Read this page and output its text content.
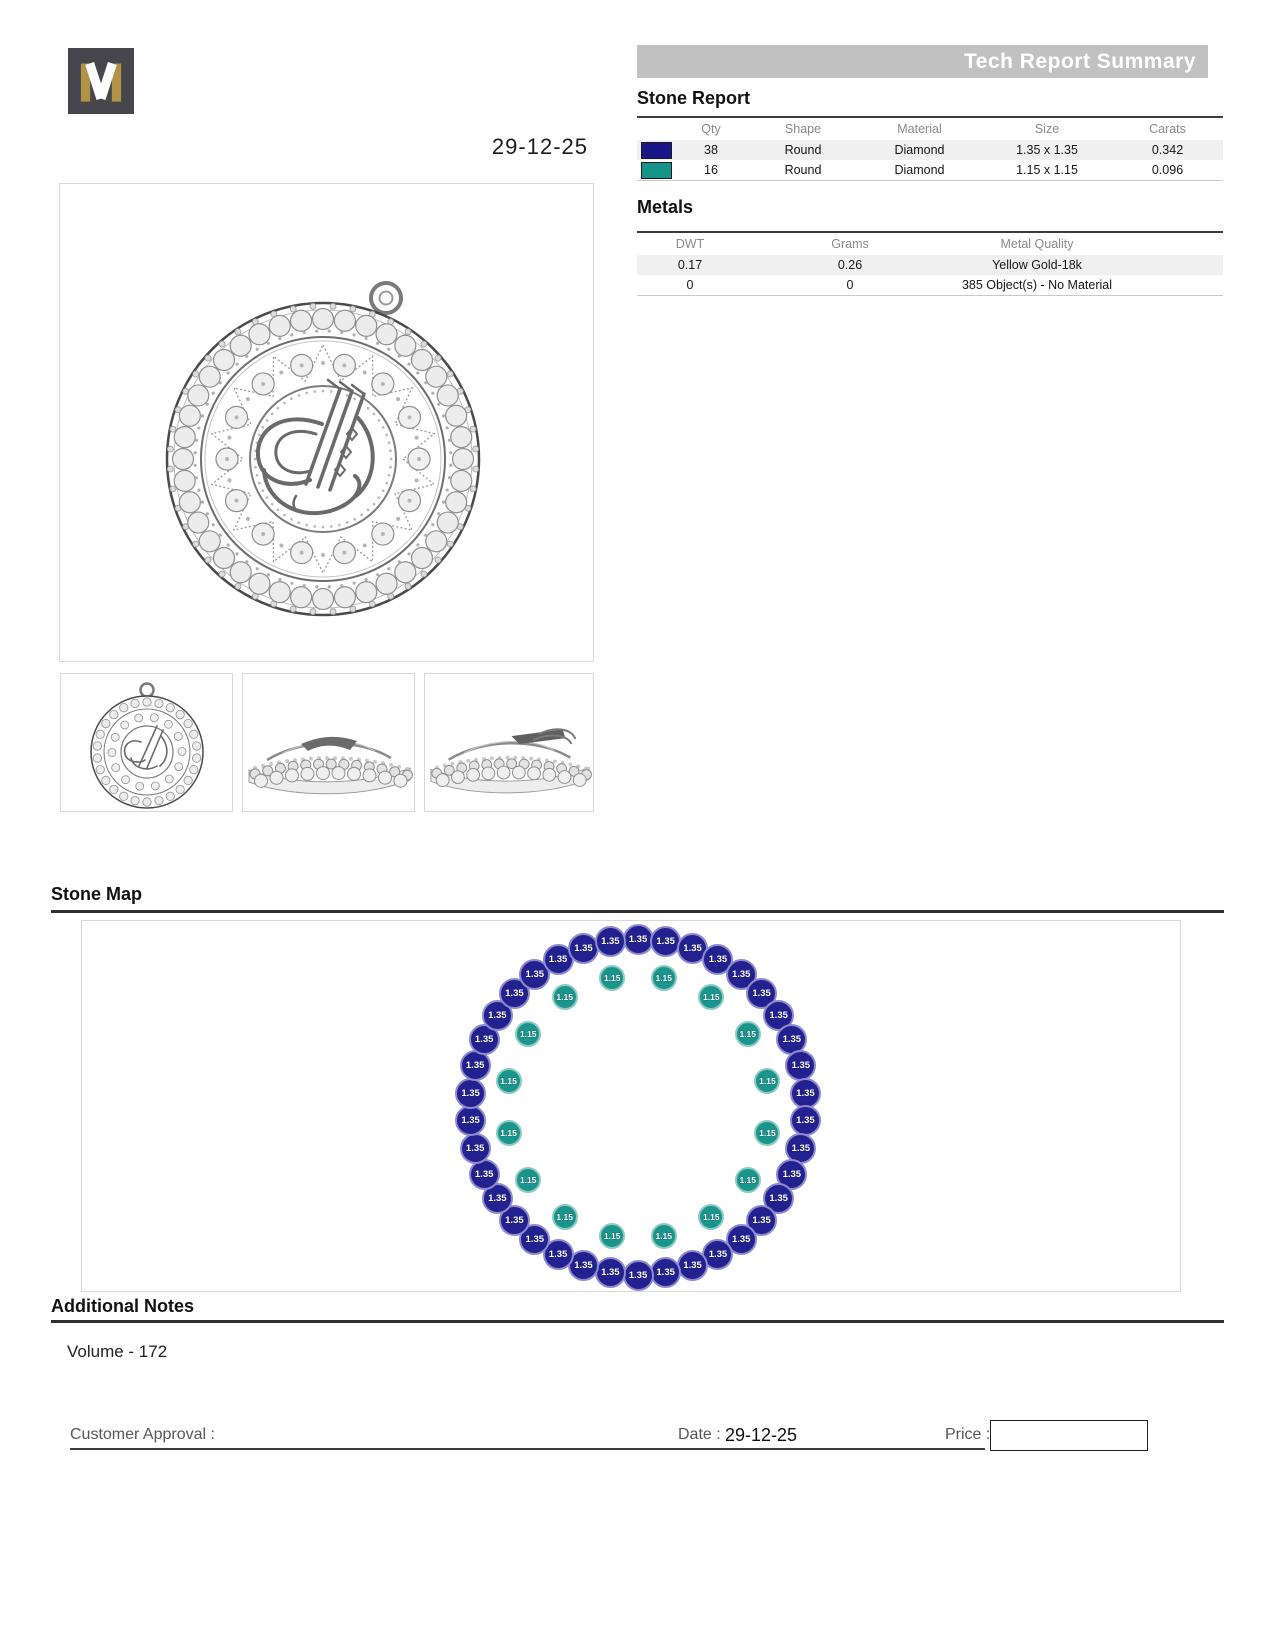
29-12-25
Tech Report Summary
Stone Report
Qty	Shape	Material	Size	Carats
38	Round	Diamond	1.35 x 1.35	0.342
16	Round	Diamond	1.15 x 1.15	0.096
Metals
DWT	Grams	Metal Quality
0.17	0.26	Yellow Gold-18k
0	0	385 Object(s) - No Material
Stone Map
1.35 1.35
1.35
1.35
1.35
1.35
1.35
1.35
1.35
1.35
1.35
1.35
1.35
1.35
1.35
1.35
1.35
1.35
1.35
1.35
1.35
1.35
1.35
1.35
1.35
1.35
1.35
1.35
1.35
1.35
1.35
1.35
1.35
1.35
1.35
1.35
1.35
1.35
1.15
1.15
1.15
1.15
1.15
1.15
1.15
1.15
1.15
1.15
1.15
1.15
1.15
1.15
1.15
1.15
Additional Notes
Volume - 172
Customer Approval :	Date : 29-12-25	Price :
